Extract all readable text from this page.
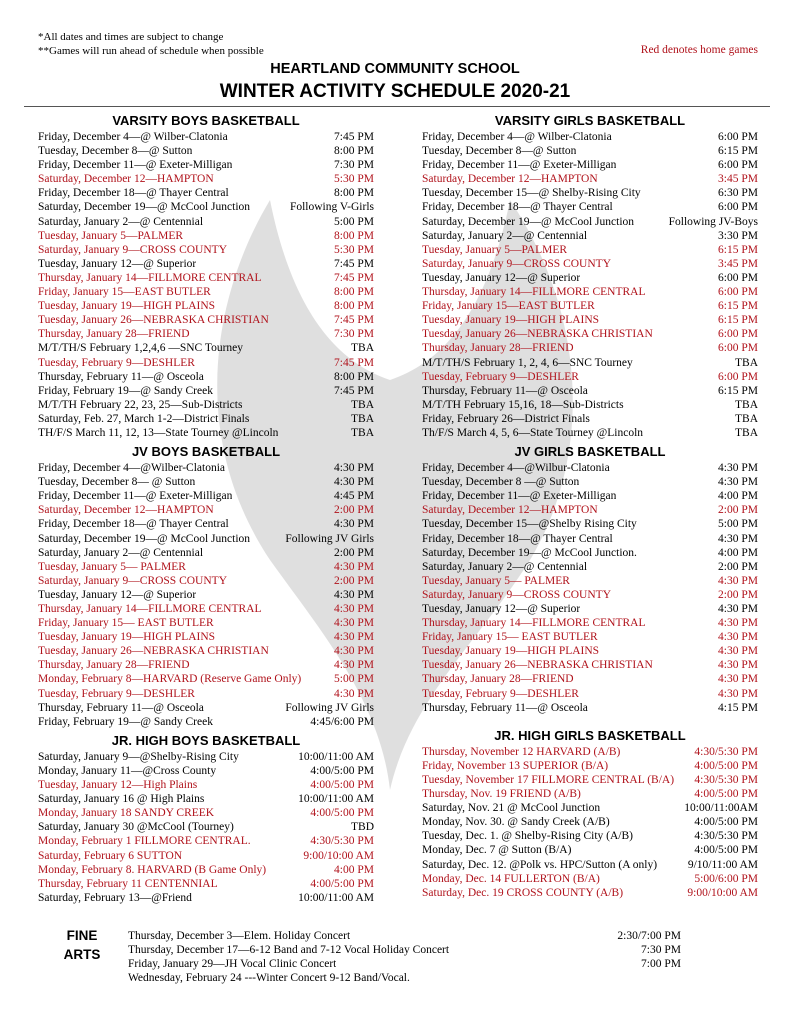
*All dates and times are subject to change
**Games will run ahead of schedule when possible	Red denotes home games
HEARTLAND COMMUNITY SCHOOL
WINTER ACTIVITY SCHEDULE 2020-21
VARSITY BOYS BASKETBALL
Friday, December 4—@ Wilber-Clatonia	7:45 PM
Tuesday, December 8—@ Sutton	8:00 PM
Friday, December 11—@ Exeter-Milligan	7:30 PM
Saturday, December 12—HAMPTON	5:30 PM
Friday, December 18—@ Thayer Central	8:00 PM
Saturday, December 19—@ McCool Junction	Following V-Girls
Saturday, January 2—@ Centennial	5:00 PM
Tuesday, January 5—PALMER	8:00 PM
Saturday, January 9—CROSS COUNTY	5:30 PM
Tuesday, January 12—@ Superior	7:45 PM
Thursday, January 14—FILLMORE CENTRAL	7:45 PM
Friday, January 15—EAST BUTLER	8:00 PM
Tuesday, January 19—HIGH PLAINS	8:00 PM
Tuesday, January 26—NEBRASKA CHRISTIAN	7:45 PM
Thursday, January 28—FRIEND	7:30 PM
M/T/TH/S February 1,2,4,6 —SNC Tourney	TBA
Tuesday, February 9—DESHLER	7:45 PM
Thursday, February 11—@ Osceola	8:00 PM
Friday, February 19—@ Sandy Creek	7:45 PM
M/T/TH February 22, 23, 25—Sub-Districts	TBA
Saturday, Feb. 27, March 1-2—District Finals	TBA
TH/F/S March 11, 12, 13—State Tourney @Lincoln	TBA
JV BOYS BASKETBALL
Friday, December 4—@Wilber-Clatonia	4:30 PM
Tuesday, December 8— @ Sutton	4:30 PM
Friday, December 11—@ Exeter-Milligan	4:45 PM
Saturday, December 12—HAMPTON	2:00 PM
Friday, December 18—@ Thayer Central	4:30 PM
Saturday, December 19—@ McCool Junction	Following JV Girls
Saturday, January 2—@ Centennial	2:00 PM
Tuesday, January 5— PALMER	4:30 PM
Saturday, January 9—CROSS COUNTY	2:00 PM
Tuesday, January 12—@ Superior	4:30 PM
Thursday, January 14—FILLMORE CENTRAL	4:30 PM
Friday, January 15— EAST BUTLER	4:30 PM
Tuesday, January 19—HIGH PLAINS	4:30 PM
Tuesday, January 26—NEBRASKA CHRISTIAN	4:30 PM
Thursday, January 28—FRIEND	4:30 PM
Monday, February 8—HARVARD (Reserve Game Only)	5:00 PM
Tuesday, February 9—DESHLER	4:30 PM
Thursday, February 11—@ Osceola	Following JV Girls
Friday, February 19—@ Sandy Creek	4:45/6:00 PM
JR. HIGH BOYS BASKETBALL
Saturday, January 9—@Shelby-Rising City	10:00/11:00 AM
Monday, January 11—@Cross County	4:00/5:00 PM
Tuesday, January 12—High Plains	4:00/5:00 PM
Saturday, January 16 @ High Plains	10:00/11:00 AM
Monday, January 18 SANDY CREEK	4:00/5:00 PM
Saturday, January 30 @McCool (Tourney)	TBD
Monday, February 1 FILLMORE CENTRAL.	4:30/5:30 PM
Saturday, February 6 SUTTON	9:00/10:00 AM
Monday, February 8. HARVARD (B Game Only)	4:00 PM
Thursday, February 11 CENTENNIAL	4:00/5:00 PM
Saturday, February 13—@Friend	10:00/11:00 AM
VARSITY GIRLS BASKETBALL
Friday, December 4—@ Wilber-Clatonia	6:00 PM
Tuesday, December 8—@ Sutton	6:15 PM
Friday, December 11—@ Exeter-Milligan	6:00 PM
Saturday, December 12—HAMPTON	3:45 PM
Tuesday, December 15—@ Shelby-Rising City	6:30 PM
Friday, December 18—@ Thayer Central	6:00 PM
Saturday, December 19—@ McCool Junction	Following JV-Boys
Saturday, January 2—@ Centennial	3:30 PM
Tuesday, January 5—PALMER	6:15 PM
Saturday, January 9—CROSS COUNTY	3:45 PM
Tuesday, January 12—@ Superior	6:00 PM
Thursday, January 14—FILLMORE CENTRAL	6:00 PM
Friday, January 15—EAST BUTLER	6:15 PM
Tuesday, January 19—HIGH PLAINS	6:15 PM
Tuesday, January 26—NEBRASKA CHRISTIAN	6:00 PM
Thursday, January 28—FRIEND	6:00 PM
M/T/TH/S February 1, 2, 4, 6—SNC Tourney	TBA
Tuesday, February 9—DESHLER	6:00 PM
Thursday, February 11—@ Osceola	6:15 PM
M/T/TH February 15,16, 18—Sub-Districts	TBA
Friday, February 26—District Finals	TBA
Th/F/S March 4, 5, 6—State Tourney @Lincoln	TBA
JV GIRLS BASKETBALL
Friday, December 4—@Wilbur-Clatonia	4:30 PM
Tuesday, December 8 —@ Sutton	4:30 PM
Friday, December 11—@ Exeter-Milligan	4:00 PM
Saturday, December 12—HAMPTON	2:00 PM
Tuesday, December 15—@Shelby Rising City	5:00 PM
Friday, December 18—@ Thayer Central	4:30 PM
Saturday, December 19—@ McCool Junction.	4:00 PM
Saturday, January 2—@ Centennial	2:00 PM
Tuesday, January 5— PALMER	4:30 PM
Saturday, January 9—CROSS COUNTY	2:00 PM
Tuesday, January 12—@ Superior	4:30 PM
Thursday, January 14—FILLMORE CENTRAL	4:30 PM
Friday, January 15— EAST BUTLER	4:30 PM
Tuesday, January 19—HIGH PLAINS	4:30 PM
Tuesday, January 26—NEBRASKA CHRISTIAN	4:30 PM
Thursday, January 28—FRIEND	4:30 PM
Tuesday, February 9—DESHLER	4:30 PM
Thursday, February 11—@ Osceola	4:15 PM
JR. HIGH GIRLS BASKETBALL
Thursday, November 12 HARVARD (A/B)	4:30/5:30 PM
Friday, November 13 SUPERIOR (B/A)	4:00/5:00 PM
Tuesday, November 17 FILLMORE CENTRAL (B/A)	4:30/5:30 PM
Thursday, Nov. 19 FRIEND (A/B)	4:00/5:00 PM
Saturday, Nov. 21 @ McCool Junction	10:00/11:00AM
Monday, Nov. 30. @ Sandy Creek (A/B)	4:00/5:00 PM
Tuesday, Dec. 1. @ Shelby-Rising City (A/B)	4:30/5:30 PM
Monday, Dec. 7 @ Sutton (B/A)	4:00/5:00 PM
Saturday, Dec. 12. @Polk vs. HPC/Sutton (A only)	9/10/11:00 AM
Monday, Dec. 14 FULLERTON (B/A)	5:00/6:00 PM
Saturday, Dec. 19 CROSS COUNTY (A/B)	9:00/10:00 AM
FINE
ARTS
Thursday, December 3—Elem. Holiday Concert	2:30/7:00 PM
Thursday, December 17—6-12 Band and 7-12 Vocal Holiday Concert	7:30 PM
Friday, January 29—JH Vocal Clinic Concert	7:00 PM
Wednesday, February 24 ---Winter Concert 9-12 Band/Vocal.
